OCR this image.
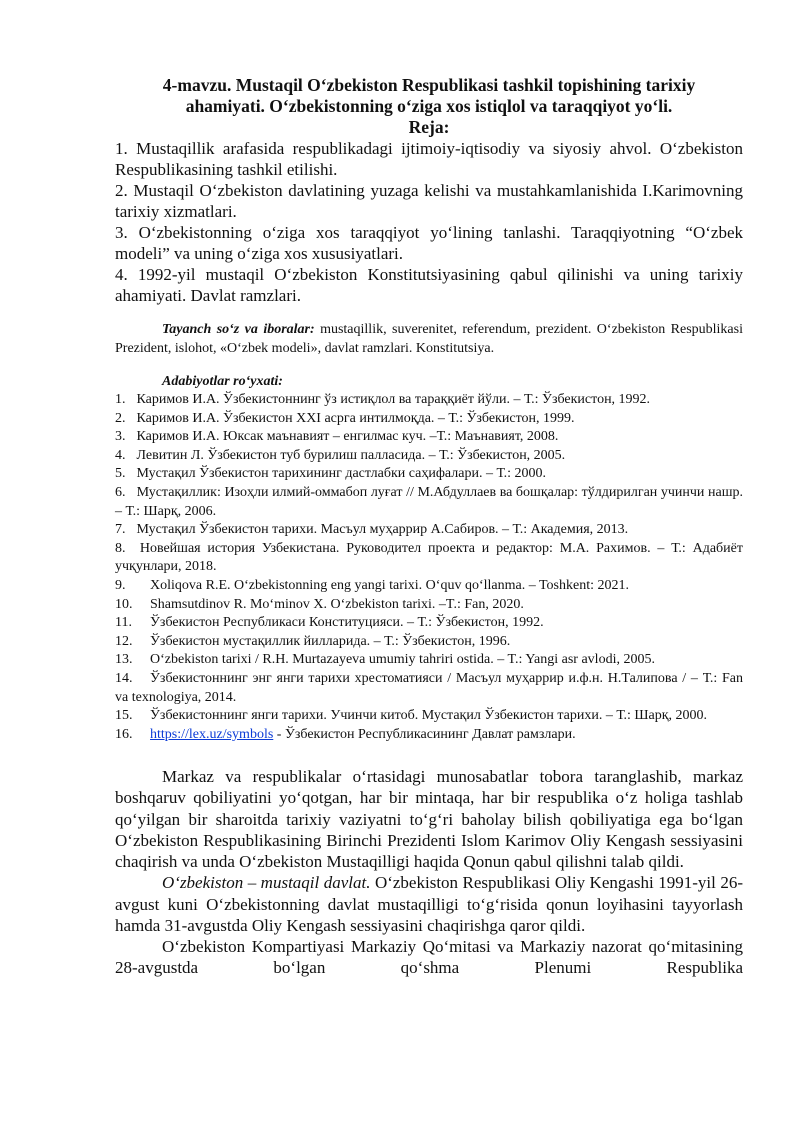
4-mavzu. Mustaqil O‘zbekiston Respublikasi tashkil topishining tarixiy
ahamiyati. O‘zbekistonning o‘ziga xos istiqlol va taraqqiyot yo‘li.

Reja:

1. Mustaqillik arafasida respublikadagi ijtimoiy-iqtisodiy va siyosiy ahvol. O‘zbekiston Respublikasining tashkil etilishi.

2. Mustaqil O‘zbekiston davlatining yuzaga kelishi va mustahkamlanishida I.Karimovning tarixiy xizmatlari.

3. O‘zbekistonning o‘ziga xos taraqqiyot yo‘lining tanlashi. Taraqqiyotning “O‘zbek modeli” va uning o‘ziga xos xususiyatlari.

4. 1992-yil mustaqil O‘zbekiston Konstitutsiyasining qabul qilinishi va uning tarixiy ahamiyati. Davlat ramzlari.

Tayanch so‘z va iboralar: mustaqillik, suverenitet, referendum, prezident. O‘zbekiston Respublikasi Prezident, islohot, «O‘zbek modeli», davlat ramzlari. Konstitutsiya.

Adabiyotlar ro‘yxati:

1. Каримов И.А. Ўзбекистоннинг ўз истиқлол ва тараққиёт йўли. – Т.: Ўзбекистон, 1992.
2. Каримов И.А. Ўзбекистон XXI асрга интилмоқда. – Т.: Ўзбекистон, 1999.
3. Каримов И.А. Юксак маънавият – енгилмас куч. –Т.: Маънавият, 2008.
4. Левитин Л. Ўзбекистон туб бурилиш палласида. – Т.: Ўзбекистон, 2005.
5. Мустақил Ўзбекистон тарихининг дастлабки саҳифалари. – Т.: 2000.
6. Мустақиллик: Изоҳли илмий-оммабоп луғат // М.Абдуллаев ва бошқалар: тўлдирилган учинчи нашр. – Т.: Шарқ, 2006.
7. Мустақил Ўзбекистон тарихи. Масъул муҳаррир А.Сабиров. – Т.: Академия, 2013.
8. Новейшая история Узбекистана. Руководител проекта и редактор: М.А. Рахимов. – Т.: Адабиёт учқунлари, 2018.
9. Xoliqova R.E. O‘zbekistonning eng yangi tarixi. O‘quv qo‘llanma. – Toshkent: 2021.
10. Shamsutdinov R. Mo‘minov X. O‘zbekiston tarixi. –T.: Fan, 2020.
11. Ўзбекистон Республикаси Конституцияси. – Т.: Ўзбекистон, 1992.
12. Ўзбекистон мустақиллик йилларида. – Т.: Ўзбекистон, 1996.
13. O‘zbekiston tarixi / R.H. Murtazayeva umumiy tahriri ostida. – T.: Yangi asr avlodi, 2005.
14. Ўзбекистоннинг энг янги тарихи хрестоматияси / Масъул муҳаррир и.ф.н. Н.Талипова / – Т.: Fan va texnologiya, 2014.
15. Ўзбекистоннинг янги тарихи. Учинчи китоб. Мустақил Ўзбекистон тарихи. – Т.: Шарқ, 2000.
16. https://lex.uz/symbols - Ўзбекистон Республикасининг Давлат рамзлари.

Markaz va respublikalar o‘rtasidagi munosabatlar tobora taranglashib, markaz boshqaruv qobiliyatini yo‘qotgan, har bir mintaqa, har bir respublika o‘z holiga tashlab qo‘yilgan bir sharoitda tarixiy vaziyatni to‘g‘ri baholay bilish qobiliyatiga ega bo‘lgan O‘zbekiston Respublikasining Birinchi Prezidenti Islom Karimov Oliy Kengash sessiyasini chaqirish va unda O‘zbekiston Mustaqilligi haqida Qonun qabul qilishni talab qildi.

O‘zbekiston – mustaqil davlat. O‘zbekiston Respublikasi Oliy Kengashi 1991-yil 26-avgust kuni O‘zbekistonning davlat mustaqilligi to‘g‘risida qonun loyihasini tayyorlash hamda 31-avgustda Oliy Kengash sessiyasini chaqirishga qaror qildi.

O‘zbekiston Kompartiyasi Markaziy Qo‘mitasi va Markaziy nazorat qo‘mitasining 28-avgustda bo‘lgan qo‘shma Plenumi Respublika
